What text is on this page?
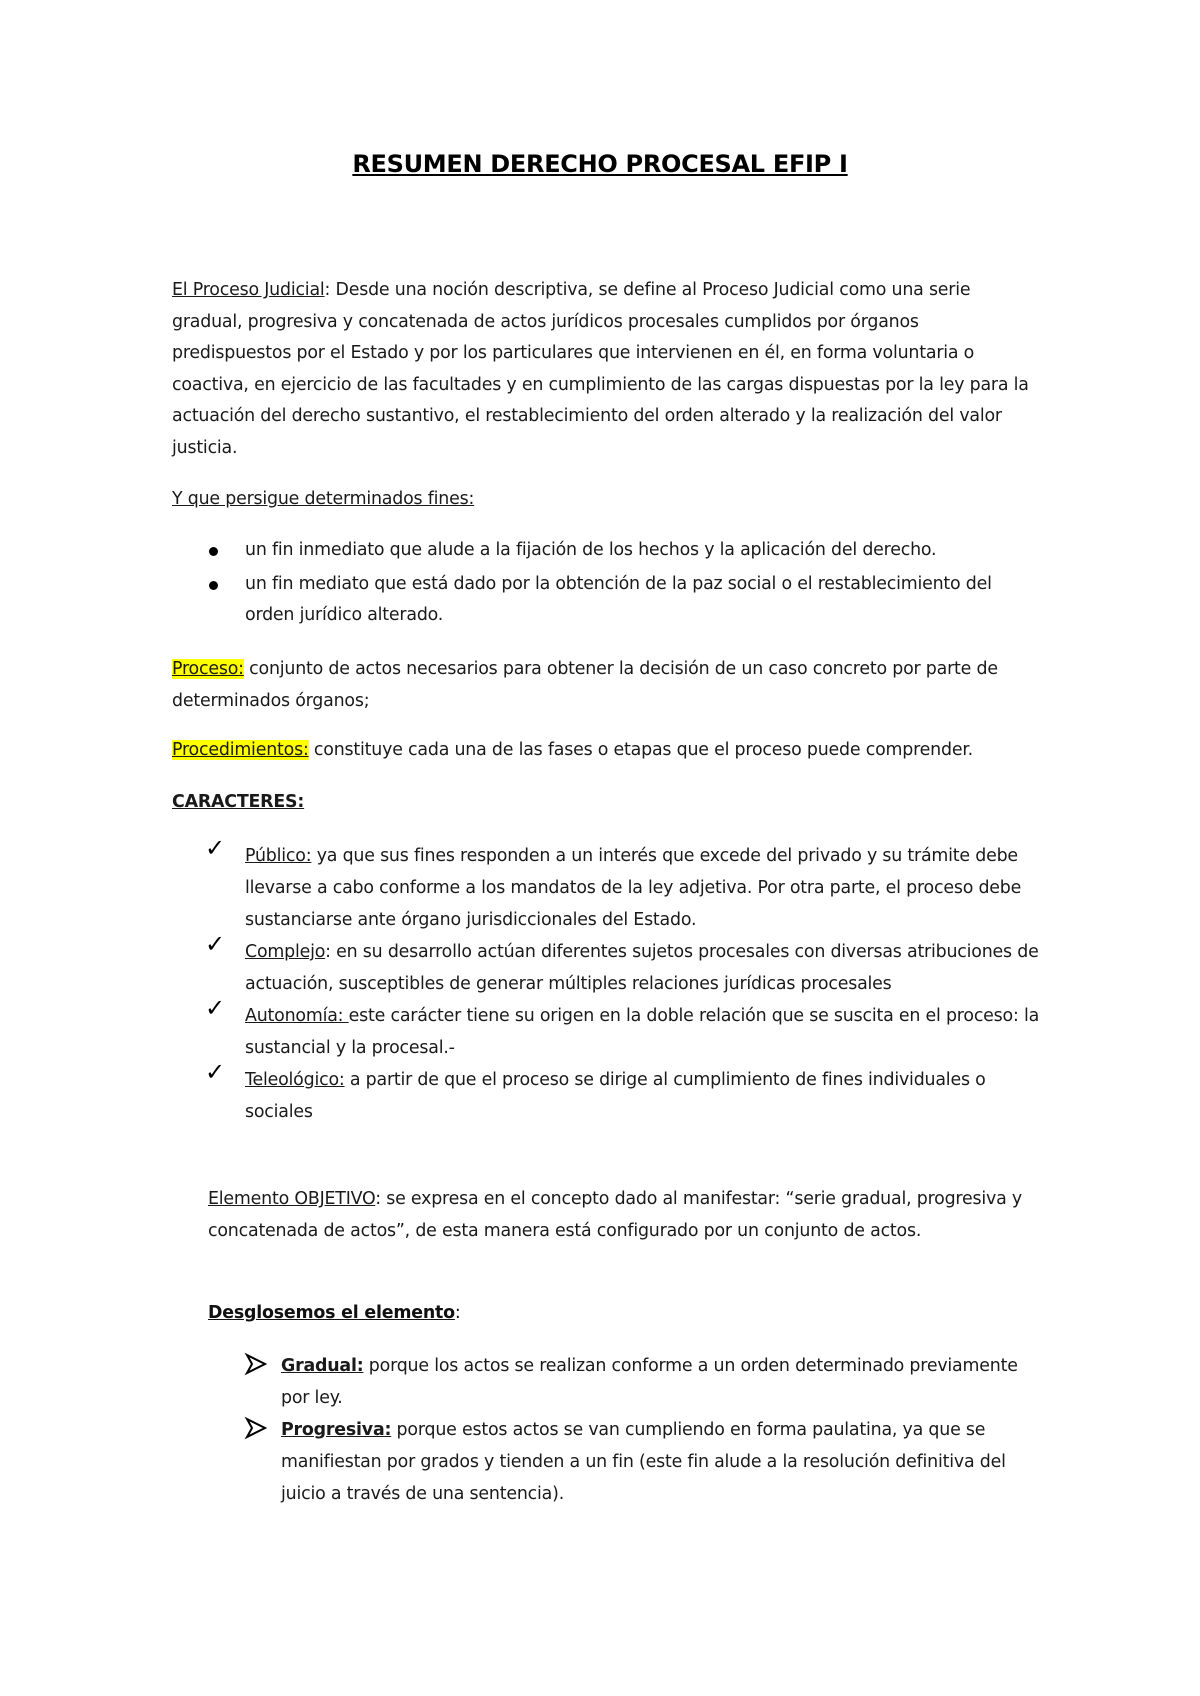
RESUMEN DERECHO PROCESAL EFIP I

El Proceso Judicial: Desde una noción descriptiva, se define al Proceso Judicial como una serie gradual, progresiva y concatenada de actos jurídicos procesales cumplidos por órganos predispuestos por el Estado y por los particulares que intervienen en él, en forma voluntaria o coactiva, en ejercicio de las facultades y en cumplimiento de las cargas dispuestas por la ley para la actuación del derecho sustantivo, el restablecimiento del orden alterado y la realización del valor justicia.

Y que persigue determinados fines:

un fin inmediato que alude a la fijación de los hechos y la aplicación del derecho.
un fin mediato que está dado por la obtención de la paz social o el restablecimiento del orden jurídico alterado.

Proceso: conjunto de actos necesarios para obtener la decisión de un caso concreto por parte de determinados órganos;

Procedimientos: constituye cada una de las fases o etapas que el proceso puede comprender.

CARACTERES:

✓ Público: ya que sus fines responden a un interés que excede del privado y su trámite debe llevarse a cabo conforme a los mandatos de la ley adjetiva. Por otra parte, el proceso debe sustanciarse ante órgano jurisdiccionales del Estado.
✓ Complejo: en su desarrollo actúan diferentes sujetos procesales con diversas atribuciones de actuación, susceptibles de generar múltiples relaciones jurídicas procesales
✓ Autonomía: este carácter tiene su origen en la doble relación que se suscita en el proceso: la sustancial y la procesal.-
✓ Teleológico: a partir de que el proceso se dirige al cumplimiento de fines individuales o sociales

Elemento OBJETIVO: se expresa en el concepto dado al manifestar: “serie gradual, progresiva y concatenada de actos”, de esta manera está configurado por un conjunto de actos.

Desglosemos el elemento:

Gradual: porque los actos se realizan conforme a un orden determinado previamente por ley.
Progresiva: porque estos actos se van cumpliendo en forma paulatina, ya que se manifiestan por grados y tienden a un fin (este fin alude a la resolución definitiva del juicio a través de una sentencia).
